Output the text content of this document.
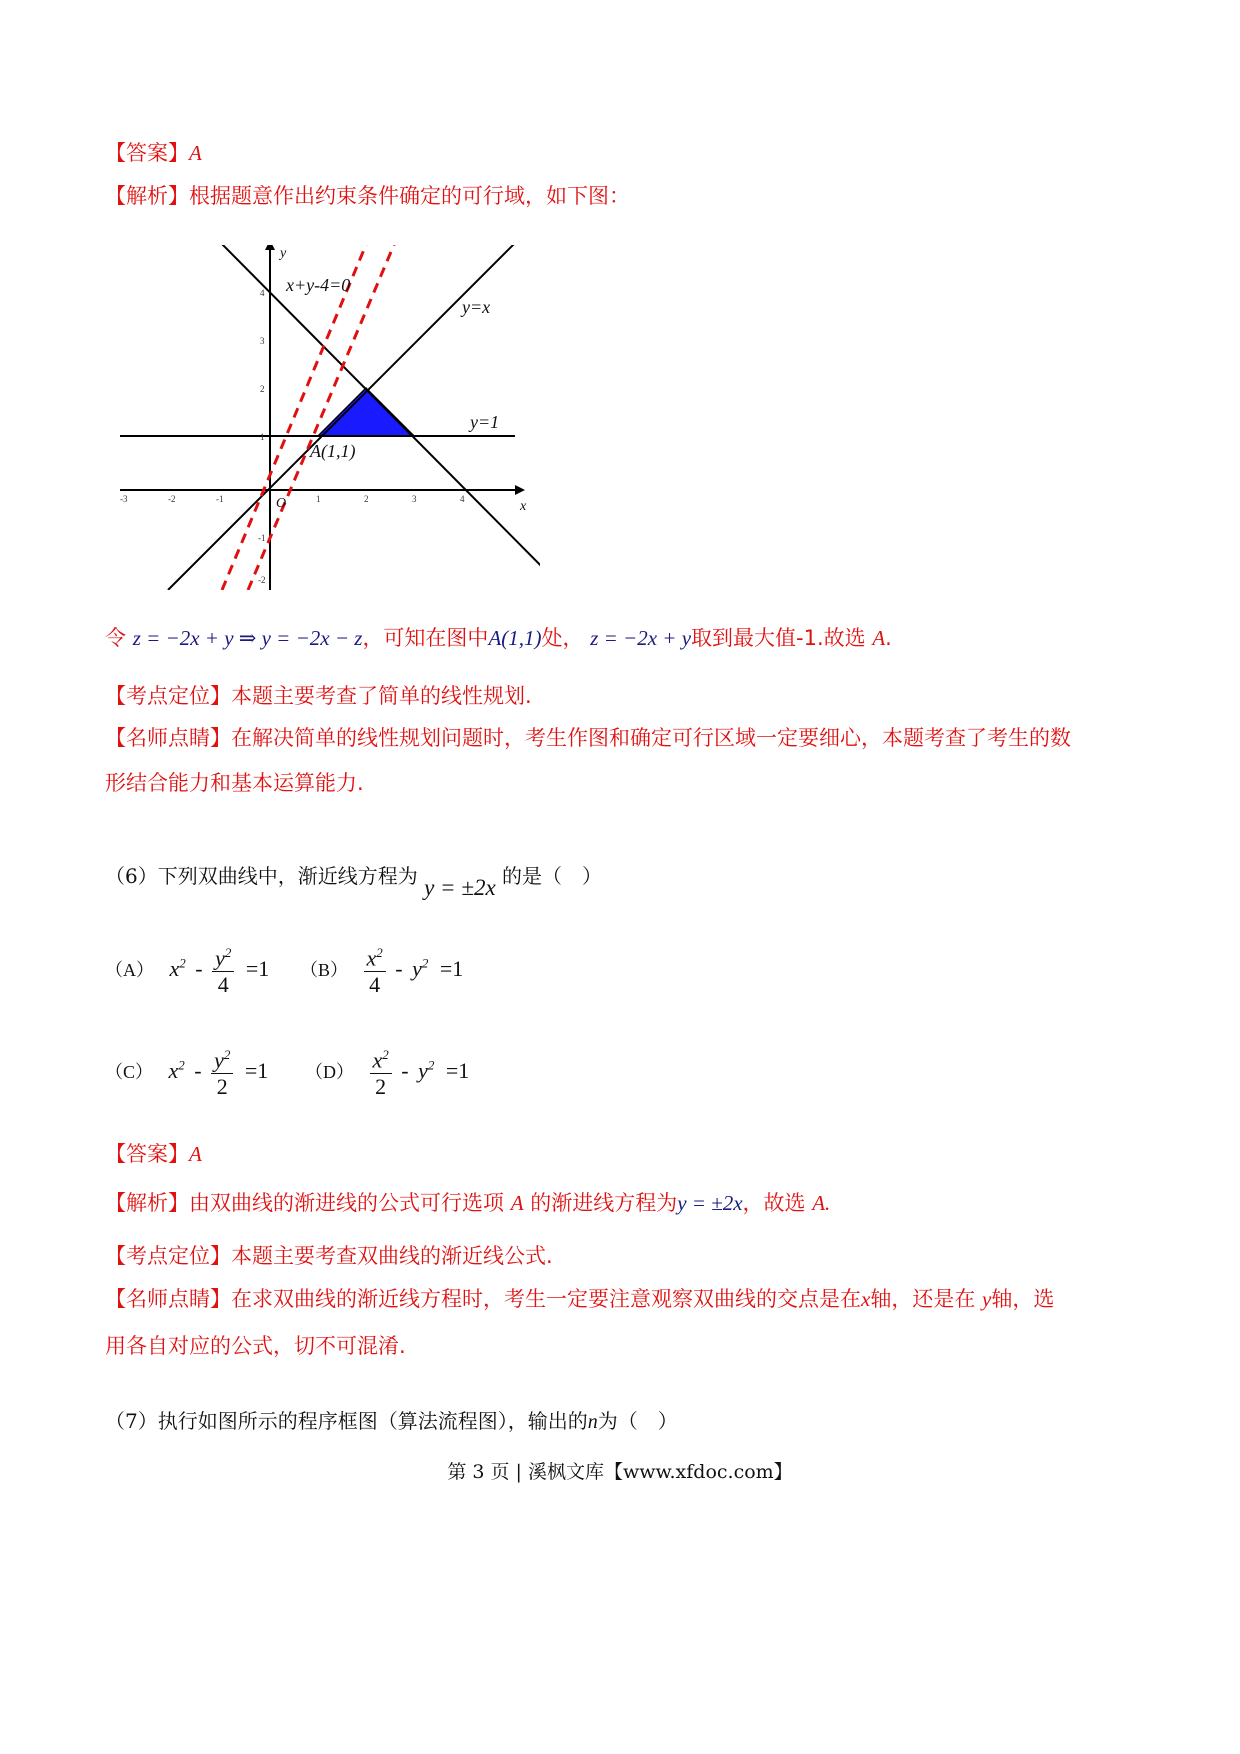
【答案】A
【解析】根据题意作出约束条件确定的可行域，如下图：
-3	-2	-1	1	2	3	4
-1
-2
1
2
3
4 x+y-4=0
y=x
y=1
A(1,1)
O	x
y
令 z = −2x + y ⇒ y = −2x − z，可知在图中A(1,1)处， z = −2x + y取到最大值-1.故选 A.
【考点定位】本题主要考查了简单的线性规划.
【名师点睛】在解决简单的线性规划问题时，考生作图和确定可行区域一定要细心，本题考查了考生的数
形结合能力和基本运算能力.
（6）下列双曲线中，渐近线方程为 y = ±2x 的是（　）
（A） $x^2 - \frac{y^2}{4} =1$ $(B) \frac{x^2}{4} - y^2 =1$
（C） $x^2 - \frac{y^2}{2} =1$ $(D) \frac{x^2}{2} - y^2 =1$
【答案】A
【解析】由双曲线的渐进线的公式可行选项 A 的渐进线方程为y = ±2x，故选 A.
【考点定位】本题主要考查双曲线的渐近线公式.
【名师点睛】在求双曲线的渐近线方程时，考生一定要注意观察双曲线的交点是在x轴，还是在 y轴，选
用各自对应的公式，切不可混淆.
（7）执行如图所示的程序框图（算法流程图），输出的n为（　）
第 3 页 | 溪枫文库【www.xfdoc.com】
